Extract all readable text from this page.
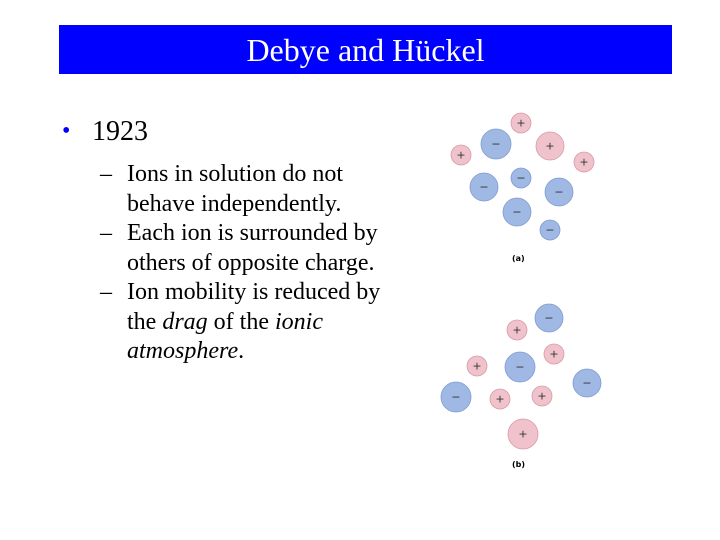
Debye and Hückel
• 1923
– Ions in solution do not behave independently.
– Each ion is surrounded by others of opposite charge.
– Ion mobility is reduced by the drag of the ionic atmosphere.
+
−
+
+
+
−
−	−
−
−
(a)
−
+
+
−
+
−
+
−	+
+
(b)
